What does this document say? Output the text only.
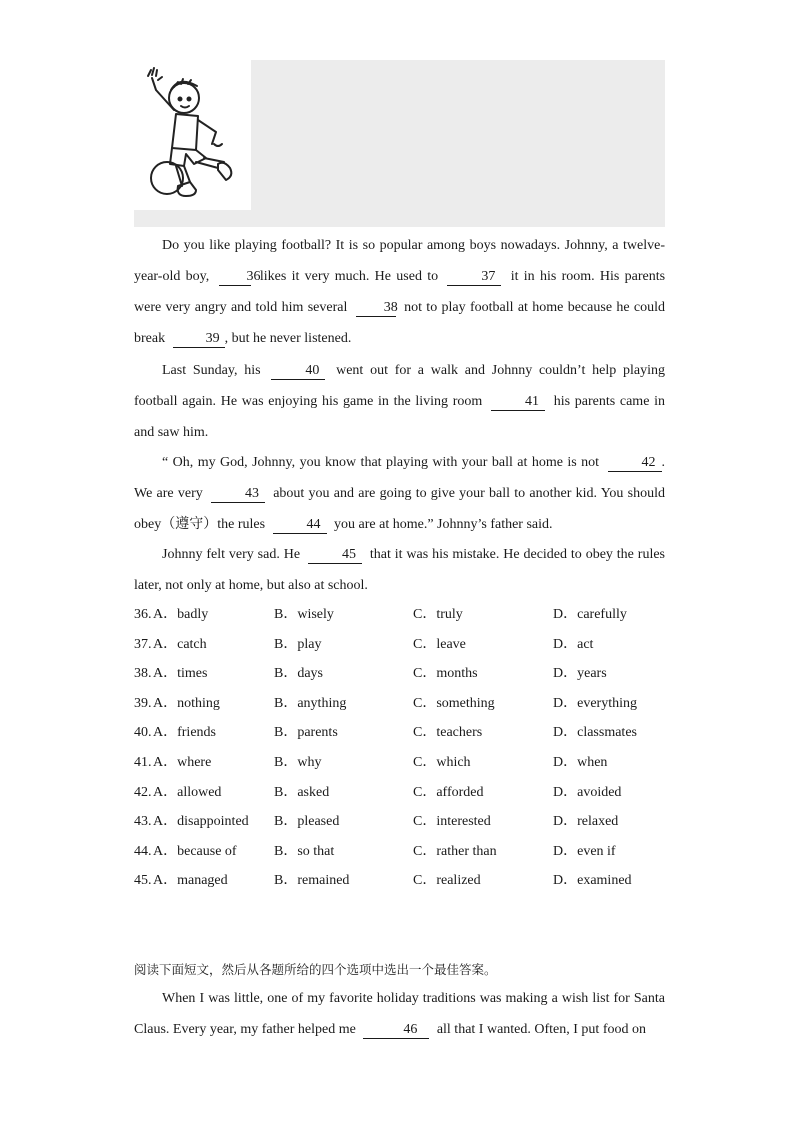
Do you like playing football? It is so popular among boys nowadays. Johnny, a twelve-year-old boy,	36 likes it very much. He used to	37 it in his room. His parents were very angry and told him several	38 not to play football at home because he could break	39 , but he never listened.

Last Sunday, his	40 went out for a walk and Johnny couldn’t help playing football again. He was enjoying his game in the living room	41 his parents came in and saw him.

“ Oh, my God, Johnny, you know that playing with your ball at home is not	42 . We are very	43 about you and are going to give your ball to another kid. You should obey（遵守）the rules	44 you are at home.” Johnny’s father said.

Johnny felt very sad. He	45 that it was his mistake. He decided to obey the rules later, not only at home, but also at school.

36. A．badly	B．wisely	C．truly	D．carefully
37. A．catch	B．play	C．leave	D．act
38. A．times	B．days	C．months	D．years
39. A．nothing	B．anything	C．something	D．everything
40. A．friends	B．parents	C．teachers	D．classmates
41. A．where	B．why	C．which	D．when
42. A．allowed	B．asked	C．afforded	D．avoided
43. A．disappointed B．pleased	C．interested	D．relaxed
44. A．because of	B．so that	C．rather than	D．even if
45. A．managed	B．remained	C．realized	D．examined

阅读下面短文，然后从各题所给的四个选项中选出一个最佳答案。

When I was little, one of my favorite holiday traditions was making a wish list for Santa Claus. Every year, my father helped me	46 all that I wanted. Often, I put food on
